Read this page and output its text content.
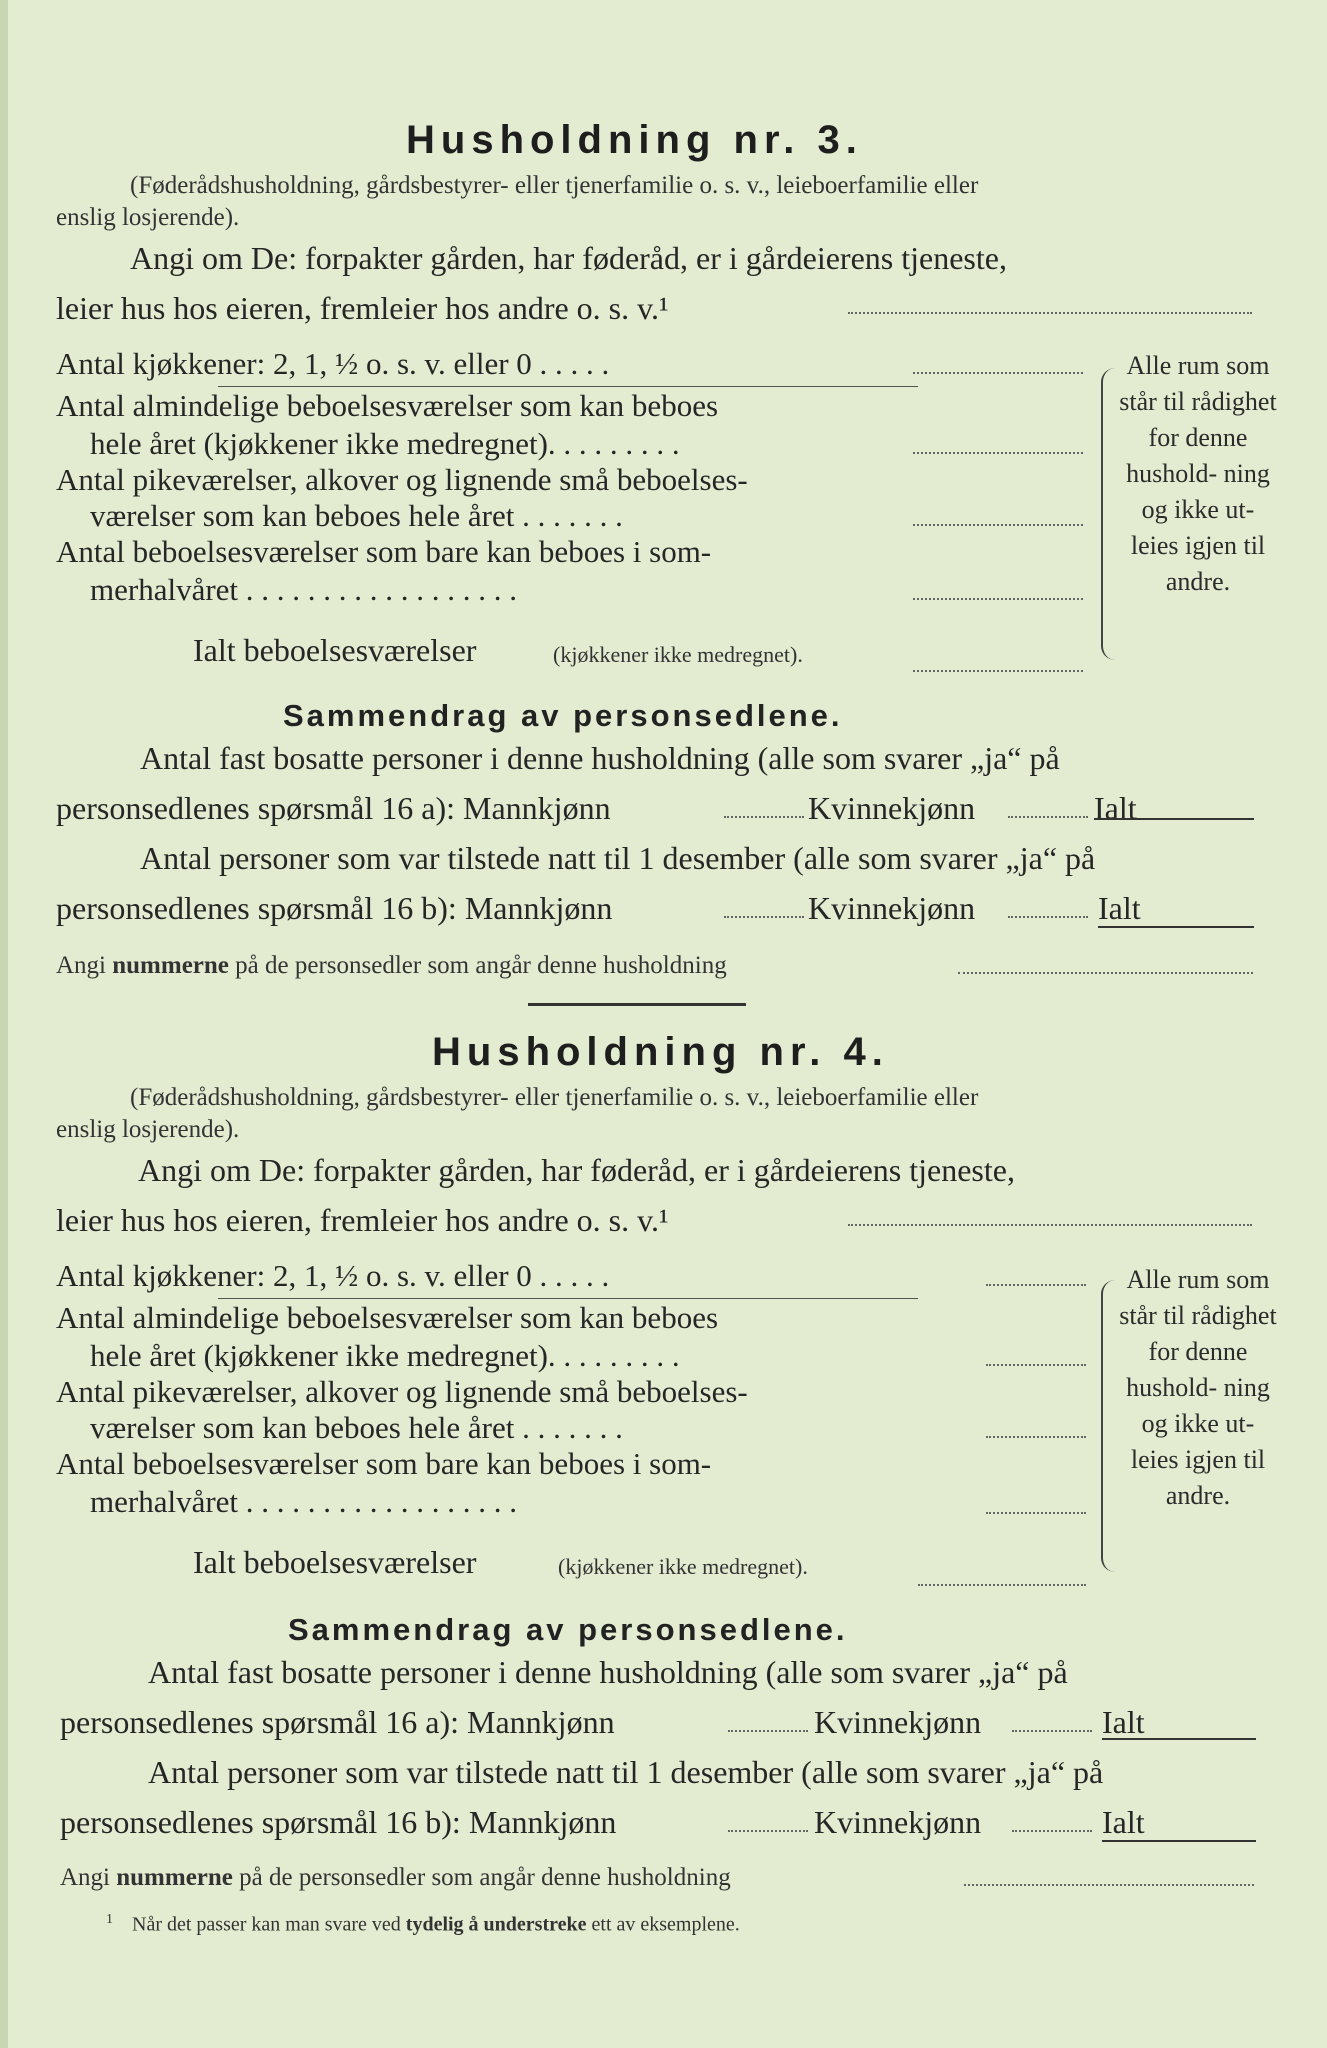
Husholdning nr. 3.
(Føderådshusholdning, gårdsbestyrer- eller tjenerfamilie o. s. v., leieboerfamilie eller
enslig losjerende).
Angi om De: forpakter gården, har føderåd, er i gårdeierens tjeneste,
leier hus hos eieren, fremleier hos andre o. s. v.¹
Antal kjøkkener: 2, 1, ½ o. s. v. eller 0 . . . . .
Antal almindelige beboelsesværelser som kan beboes
hele året (kjøkkener ikke medregnet). . . . . . . . .
Antal pikeværelser, alkover og lignende små beboelses-
værelser som kan beboes hele året . . . . . . .
Antal beboelsesværelser som bare kan beboes i som-
merhalvåret . . . . . . . . . . . . . . . . . .
Ialt beboelsesværelser	(kjøkkener ikke medregnet).
Alle rum som står til rådighet for denne hushold- ning og ikke ut- leies igjen til andre.
Sammendrag av personsedlene.
Antal fast bosatte personer i denne husholdning (alle som svarer „ja“ på
personsedlenes spørsmål 16 a): Mannkjønn	Kvinnekjønn	Ialt
Antal personer som var tilstede natt til 1 desember (alle som svarer „ja“ på
personsedlenes spørsmål 16 b): Mannkjønn	Kvinnekjønn	Ialt
Angi nummerne på de personsedler som angår denne husholdning
Husholdning nr. 4.
(Føderådshusholdning, gårdsbestyrer- eller tjenerfamilie o. s. v., leieboerfamilie eller
enslig losjerende).
Angi om De: forpakter gården, har føderåd, er i gårdeierens tjeneste,
leier hus hos eieren, fremleier hos andre o. s. v.¹
Antal kjøkkener: 2, 1, ½ o. s. v. eller 0 . . . . .
Antal almindelige beboelsesværelser som kan beboes
hele året (kjøkkener ikke medregnet). . . . . . . . .
Antal pikeværelser, alkover og lignende små beboelses-
værelser som kan beboes hele året . . . . . . .
Antal beboelsesværelser som bare kan beboes i som-
merhalvåret . . . . . . . . . . . . . . . . . .
Ialt beboelsesværelser	(kjøkkener ikke medregnet).
Alle rum som står til rådighet for denne hushold- ning og ikke ut- leies igjen til andre.
Sammendrag av personsedlene.
Antal fast bosatte personer i denne husholdning (alle som svarer „ja“ på
personsedlenes spørsmål 16 a): Mannkjønn	Kvinnekjønn	Ialt
Antal personer som var tilstede natt til 1 desember (alle som svarer „ja“ på
personsedlenes spørsmål 16 b): Mannkjønn	Kvinnekjønn	Ialt
Angi nummerne på de personsedler som angår denne husholdning
$^1$ Når det passer kan man svare ved tydelig å understreke ett av eksemplene.
